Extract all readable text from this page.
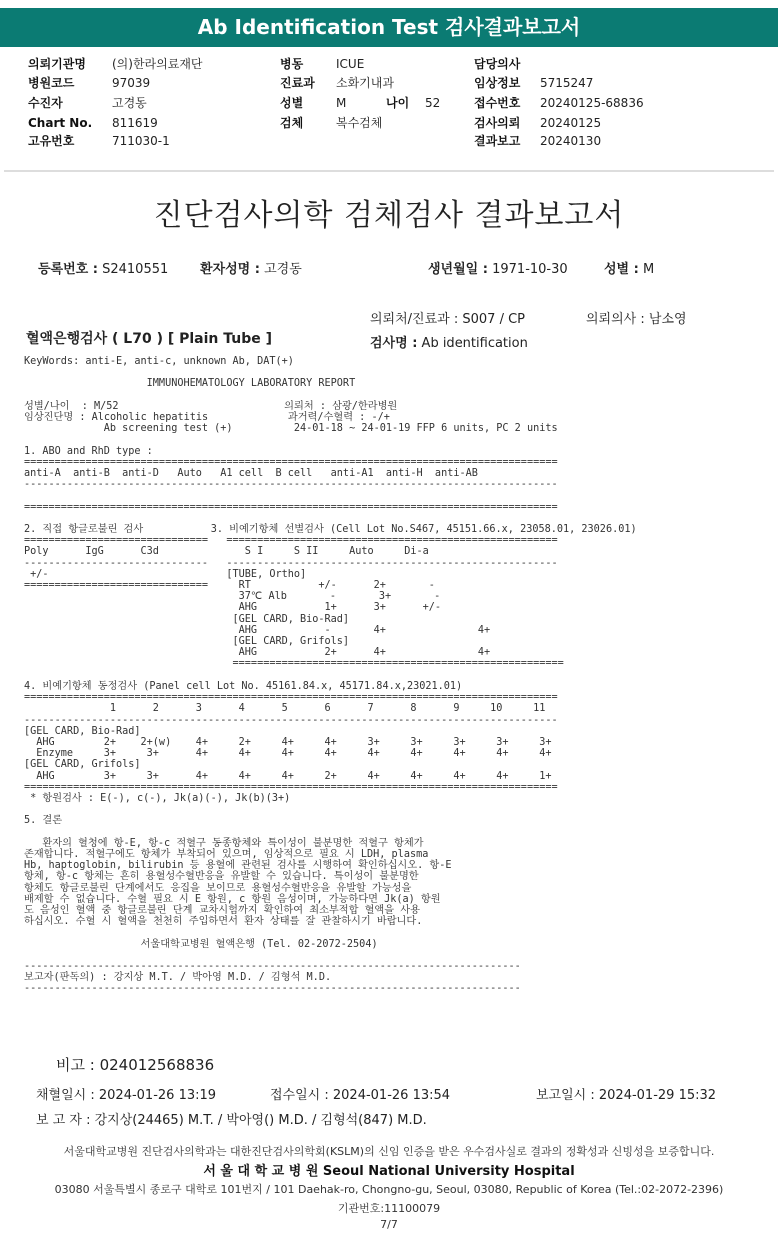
Ab Identification Test 검사결과보고서
의뢰기관명 (의)한라의료재단
병원코드	97039
수진자	고경동
Chart No. 811619
고유번호	711030-1
병동	ICUE
진료과 소화기내과
성별	M	나이 52
검체	복수검체
담당의사
임상정보 5715247
접수번호 20240125-68836
검사의뢰 20240125
결과보고 20240130
진단검사의학 검체검사 결과보고서
등록번호 : S2410551 환자성명 : 고경동	생년월일 : 1971-10-30	성별 : M
의뢰처/진료과 : S007 / CP	의뢰의사 : 남소영
혈액은행검사 ( L70 ) [ Plain Tube ]	검사명 : Ab identification
KeyWords: anti-E, anti-c, unknown Ab, DAT(+)

IMMUNOHEMATOLOGY LABORATORY REPORT

성별/나이  : M/52                           의뢰처 : 삼광/한라병원
임상진단명 : Alcoholic hepatitis             과거력/수혈력 : -/+
Ab screening test (+)          24-01-18 ~ 24-01-19 FFP 6 units, PC 2 units

1. ABO and RhD type :
=======================================================================================
anti-A  anti-B  anti-D   Auto   A1 cell  B cell   anti-A1  anti-H  anti-AB
---------------------------------------------------------------------------------------

=======================================================================================

2. 직접 항글로불린 검사           3. 비예기항체 선별검사 (Cell Lot No.S467, 45151.66.x, 23058.01, 23026.01)
==============================   ======================================================
Poly      IgG      C3d              S I     S II     Auto     Di-a
------------------------------   ------------------------------------------------------
+/-                             [TUBE, Ortho]
==============================     RT           +/-      2+       -
37℃ Alb       -       3+       -
AHG           1+      3+      +/-
[GEL CARD, Bio-Rad]
AHG           -       4+               4+
[GEL CARD, Grifols]
AHG           2+      4+               4+
======================================================

4. 비예기항체 동정검사 (Panel cell Lot No. 45161.84.x, 45171.84.x,23021.01)
=======================================================================================
1      2      3      4      5      6      7      8      9     10     11
---------------------------------------------------------------------------------------
[GEL CARD, Bio-Rad]
AHG        2+    2+(w)    4+     2+     4+     4+     3+     3+     3+     3+     3+
Enzyme     3+     3+      4+     4+     4+     4+     4+     4+     4+     4+     4+
[GEL CARD, Grifols]
AHG        3+     3+      4+     4+     4+     2+     4+     4+     4+     4+     1+
=======================================================================================
* 항원검사 : E(-), c(-), Jk(a)(-), Jk(b)(3+)

5. 결론

환자의 혈청에 항-E, 항-c 적혈구 동종항체와 특이성이 불분명한 적혈구 항체가
존재합니다. 적혈구에도 항체가 부착되어 있으며, 임상적으로 필요 시 LDH, plasma
Hb, haptoglobin, bilirubin 등 용혈에 관련된 검사를 시행하여 확인하십시오. 항-E
항체, 항-c 항체는 흔히 용혈성수혈반응을 유발할 수 있습니다. 특이성이 불분명한
항체도 항글로불린 단계에서도 응집을 보이므로 용혈성수혈반응을 유발할 가능성을
배제할 수 없습니다. 수혈 필요 시 E 항원, c 항원 음성이며, 가능하다면 Jk(a) 항원
도 음성인 혈액 중 항글로불린 단계 교차시험까지 확인하여 최소부적합 혈액을 사용
하십시오. 수혈 시 혈액을 천천히 주입하면서 환자 상태를 잘 관찰하시기 바랍니다.

서울대학교병원 혈액은행 (Tel. 02-2072-2504)

---------------------------------------------------------------------------------
보고자(판독의) : 강지상 M.T. / 박아영 M.D. / 김형석 M.D.
---------------------------------------------------------------------------------

비고 : 024012568836
채혈일시 : 2024-01-26 13:19	접수일시 : 2024-01-26 13:54	보고일시 : 2024-01-29 15:32
보 고 자 : 강지상(24465) M.T. / 박아영() M.D. / 김형석(847) M.D.
서울대학교병원 진단검사의학과는 대한진단검사의학회(KSLM)의 신임 인증을 받은 우수검사실로 결과의 정확성과 신빙성을 보증합니다.
서 울 대 학 교 병 원 Seoul National University Hospital
03080 서울특별시 종로구 대학로 101번지 / 101 Daehak-ro, Chongno-gu, Seoul, 03080, Republic of Korea (Tel.:02-2072-2396)
기관번호:11100079
7/7
